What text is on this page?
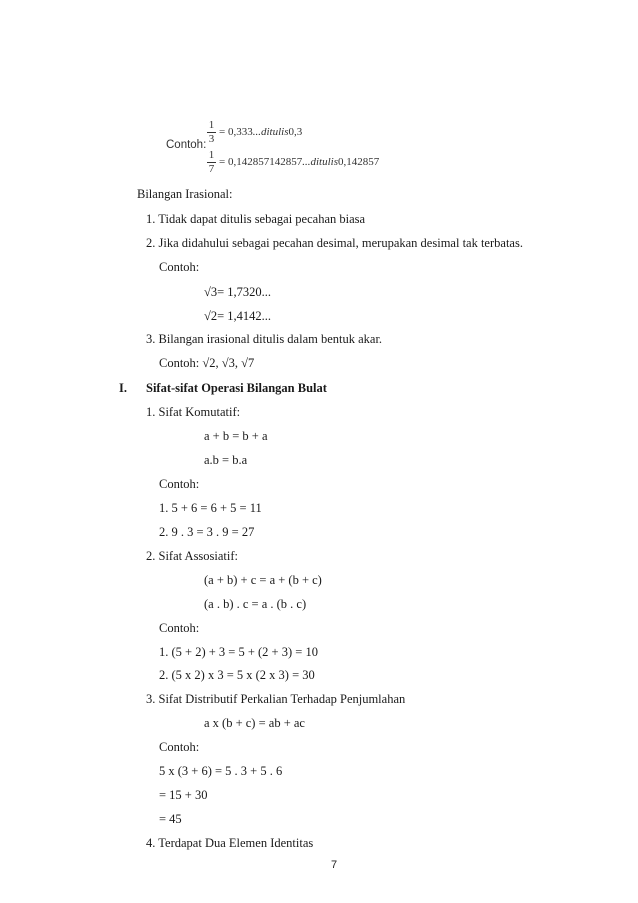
Contoh:
1
3
= 0,333...ditulis0,3
1
7
= 0,142857142857...ditulis0,142857
Bilangan Irasional:
1. Tidak dapat ditulis sebagai pecahan biasa
2. Jika didahului sebagai pecahan desimal, merupakan desimal tak terbatas.
Contoh:
√3= 1,7320...
√2= 1,4142...
3. Bilangan irasional ditulis dalam bentuk akar.
Contoh: √2, √3, √7
I. Sifat-sifat Operasi Bilangan Bulat
1. Sifat Komutatif:
a + b = b + a
a.b = b.a
Contoh:
1. 5 + 6 = 6 + 5 = 11
2. 9 . 3 = 3 . 9 = 27
2. Sifat Assosiatif:
(a + b) + c = a + (b + c)
(a . b) . c = a . (b . c)
Contoh:
1. (5 + 2) + 3 = 5 + (2 + 3) = 10
2. (5 x 2) x 3 = 5 x (2 x 3) = 30
3. Sifat Distributif Perkalian Terhadap Penjumlahan
a x (b + c) = ab + ac
Contoh:
5 x (3 + 6) = 5 . 3 + 5 . 6
= 15 + 30
= 45
4. Terdapat Dua Elemen Identitas
7
